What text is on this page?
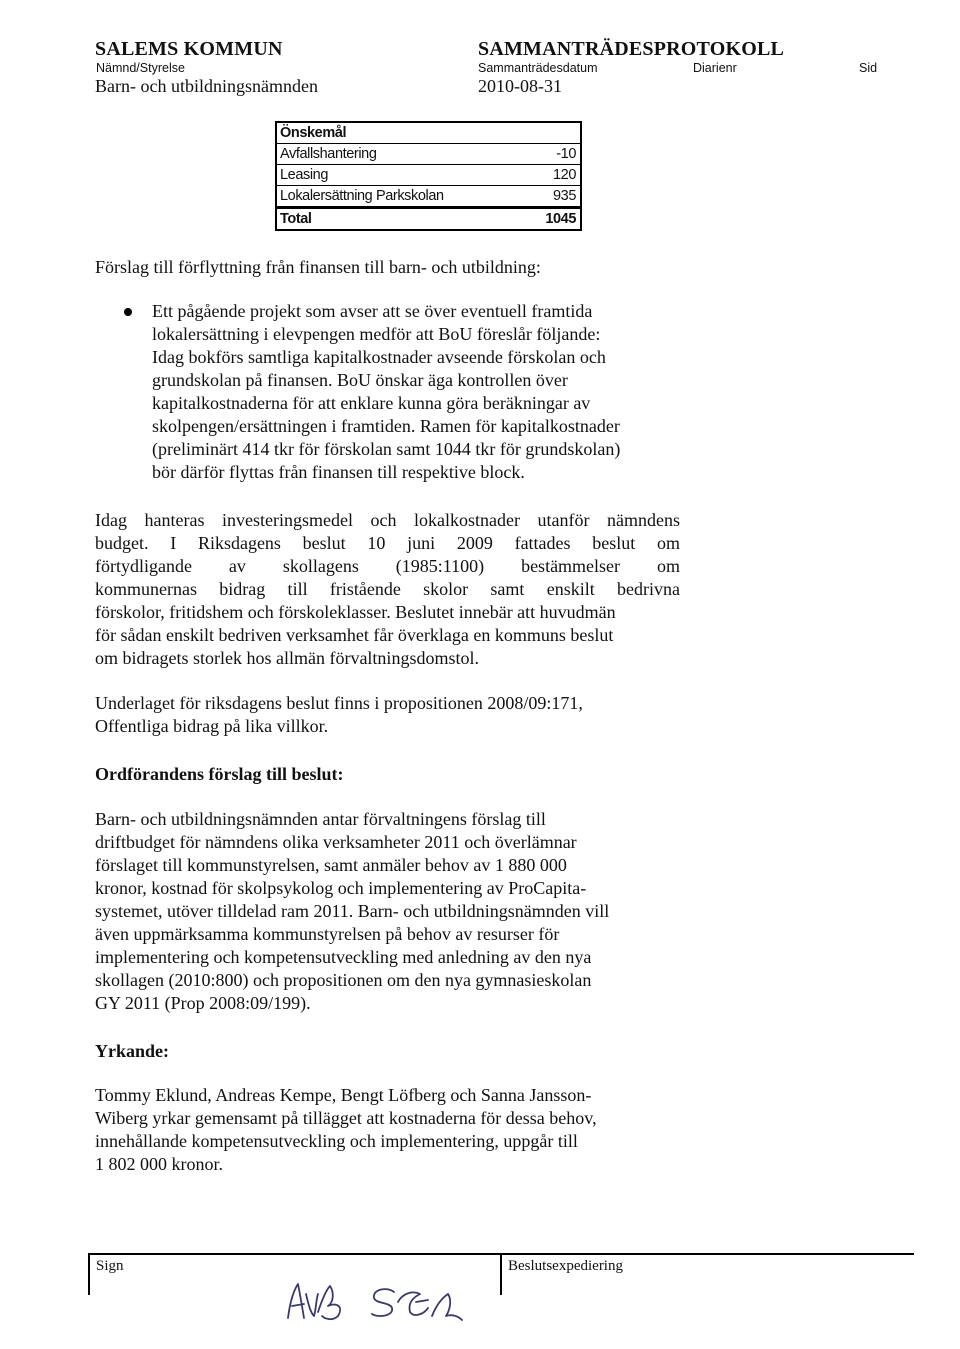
SALEMS KOMMUN
Nämnd/Styrelse
Barn- och utbildningsnämnden
SAMMANTRÄDESPROTOKOLL
Sammanträdesdatum
2010-08-31
Diarienr	Sid
Önskemål
Avfallshantering	-10
Leasing	120
Lokalersättning Parkskolan	935
Total	1045
Förslag till förflyttning från finansen till barn- och utbildning:
Ett pågående projekt som avser att se över eventuell framtida
lokalersättning i elevpengen medför att BoU föreslår följande:
Idag bokförs samtliga kapitalkostnader avseende förskolan och
grundskolan på finansen. BoU önskar äga kontrollen över
kapitalkostnaderna för att enklare kunna göra beräkningar av
skolpengen/ersättningen i framtiden. Ramen för kapitalkostnader
(preliminärt 414 tkr för förskolan samt 1044 tkr för grundskolan)
bör därför flyttas från finansen till respektive block.
Idag hanteras investeringsmedel och lokalkostnader utanför nämndens
budget. I Riksdagens beslut 10 juni 2009 fattades beslut om
förtydligande av skollagens (1985:1100) bestämmelser om
kommunernas bidrag till fristående skolor samt enskilt bedrivna
förskolor, fritidshem och förskoleklasser. Beslutet innebär att huvudmän
för sådan enskilt bedriven verksamhet får överklaga en kommuns beslut
om bidragets storlek hos allmän förvaltningsdomstol.
Underlaget för riksdagens beslut finns i propositionen 2008/09:171,
Offentliga bidrag på lika villkor.
Ordförandens förslag till beslut:
Barn- och utbildningsnämnden antar förvaltningens förslag till
driftbudget för nämndens olika verksamheter 2011 och överlämnar
förslaget till kommunstyrelsen, samt anmäler behov av 1 880 000
kronor, kostnad för skolpsykolog och implementering av ProCapita-
systemet, utöver tilldelad ram 2011. Barn- och utbildningsnämnden vill
även uppmärksamma kommunstyrelsen på behov av resurser för
implementering och kompetensutveckling med anledning av den nya
skollagen (2010:800) och propositionen om den nya gymnasieskolan
GY 2011 (Prop 2008:09/199).
Yrkande:
Tommy Eklund, Andreas Kempe, Bengt Löfberg och Sanna Jansson-
Wiberg yrkar gemensamt på tillägget att kostnaderna för dessa behov,
innehållande kompetensutveckling och implementering, uppgår till
1 802 000 kronor.
Sign	Beslutsexpediering
